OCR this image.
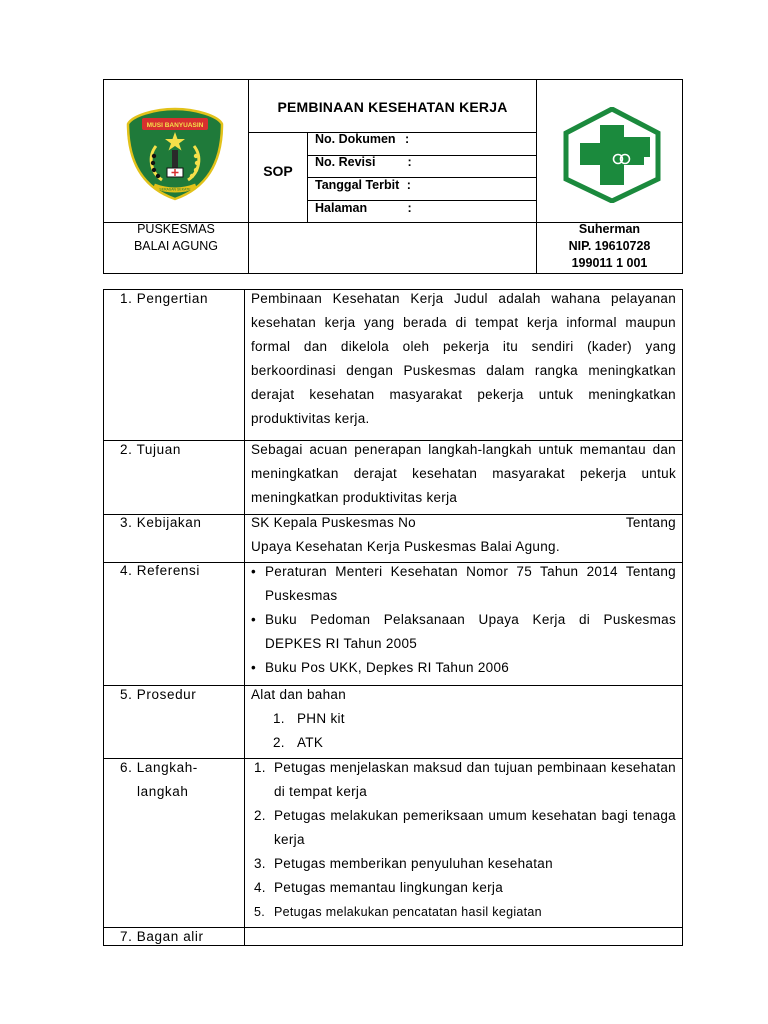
MUSI BANYUASIN
SERASAN SEKATE
PEMBINAAN KESEHATAN KERJA
SOP
No. Dokumen :
No. Revisi	:
Tanggal Terbit :
Halaman	:
PUSKESMAS
BALAI AGUNG
Suherman
NIP. 19610728
199011 1 001
1. Pengertian	Pembinaan Kesehatan Kerja Judul adalah wahana pelayanan kesehatan kerja yang berada di tempat kerja informal maupun formal dan dikelola oleh pekerja itu sendiri (kader) yang berkoordinasi dengan Puskesmas dalam rangka meningkatkan derajat kesehatan masyarakat pekerja untuk meningkatkan produktivitas kerja.
2. Tujuan	Sebagai acuan penerapan langkah-langkah untuk memantau dan meningkatkan derajat kesehatan masyarakat pekerja untuk meningkatkan produktivitas kerja
3. Kebijakan	SK Kepala Puskesmas No	Tentang
Upaya Kesehatan Kerja Puskesmas Balai Agung.
4. Referensi
•	Peraturan Menteri Kesehatan Nomor 75 Tahun 2014 Tentang Puskesmas
• Buku Pedoman Pelaksanaan Upaya Kerja di Puskesmas DEPKES RI Tahun 2005
• Buku Pos UKK, Depkes RI Tahun 2006
5. Prosedur	Alat dan bahan
1. PHN kit
2. ATK
6. Langkah-
langkah
1. Petugas menjelaskan maksud dan tujuan pembinaan kesehatan di tempat kerja
2. Petugas melakukan pemeriksaan umum kesehatan bagi tenaga kerja
3. Petugas memberikan penyuluhan kesehatan
4. Petugas memantau lingkungan kerja
5. Petugas melakukan pencatatan hasil kegiatan
7. Bagan alir
